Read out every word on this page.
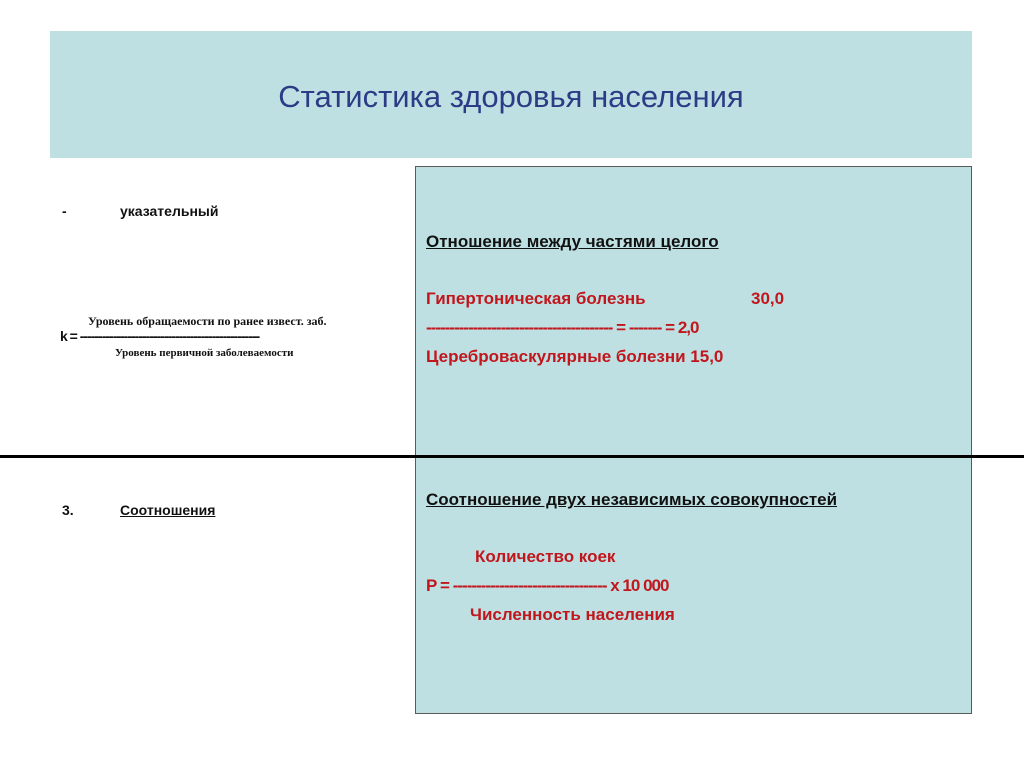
Статистика здоровья населения
-	указательный
Уровень обращаемости по ранее извест. заб.
k = -------------------------------------------------
Уровень первичной заболеваемости
3.	Соотношения
Отношение между частями целого
Гипертоническая болезнь	30,0
---------------------------------------- = ------- = 2,0
Цереброваскулярные болезни 15,0
Соотношение двух независимых совокупностей
Количество коек
Р = --------------------------------- х 10 000
Численность населения
